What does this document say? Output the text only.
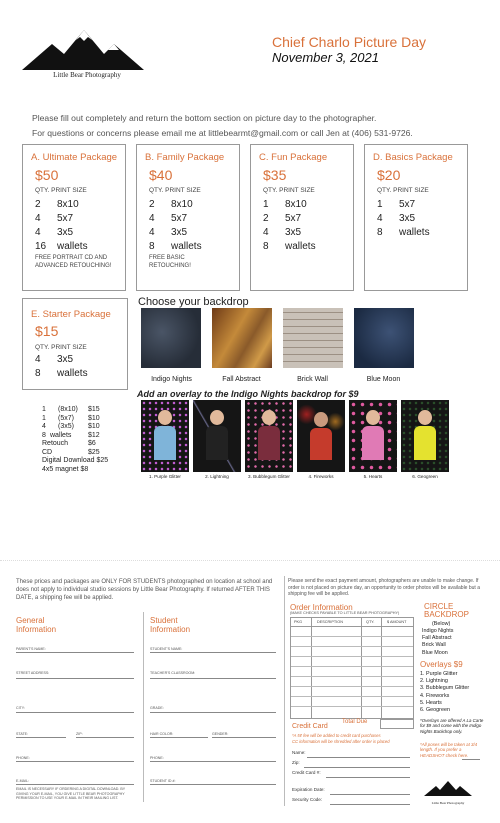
Little Bear Photography
Chief Charlo Picture Day
November 3, 2021
Please fill out completely and return the bottom section on picture day to the photographer.
For questions or concerns please email me at littlebearmt@gmail.com or call Jen at (406) 531-9726.
A. Ultimate Package
$50
QTY. PRINT SIZE
2 8x10
4 5x7
4 3x5
16 wallets
FREE PORTRAIT CD AND ADVANCED RETOUCHING!
B. Family Package
$40
QTY. PRINT SIZE
2 8x10
4 5x7
4 3x5
8 wallets
FREE BASIC RETOUCHING!
C. Fun Package
$35
QTY. PRINT SIZE
1 8x10
2 5x7
4 3x5
8 wallets
D. Basics Package
$20
QTY. PRINT SIZE
1 5x7
4 3x5
8 wallets
E. Starter Package
$15
QTY. PRINT SIZE
4 3x5
8 wallets
1 (8x10) $15
1 (5x7) $10
4 (3x5) $10
8 wallets $12
Retouch	$6
CD	$25
Digital Download $25
4x5 magnet $8
Choose your backdrop
Indigo Nights	Fall Abstract	Brick Wall	Blue Moon
Add an overlay to the Indigo Nights backdrop for $9
1. Purple Glitter	2. Lightning	3. Bubblegum Glitter	4. Fireworks	5. Hearts	6. Geogreen
These prices and packages are ONLY FOR STUDENTS photographed on location at school and does not apply to individual studio sessions by Little Bear Photography. If returned AFTER THIS DATE, a shipping fee will be applied.
General Information
Student Information
PARENT'S NAME:
STREET ADDRESS:
CITY:
STATE:	ZIP:
PHONE:
E-MAIL:
EMAIL IS NECESSARY IF ORDERING A DIGITAL DOWNLOAD. BY GIVING YOUR E-MAIL, YOU GIVE LITTLE BEAR PHOTOGRAPHY PERMISSION TO USE YOUR E-MAIL IN THEIR MAILING LIST.
STUDENT'S NAME:
TEACHER'S CLASSROOM:
GRADE:
HAIR COLOR:	GENDER:
PHONE:
STUDENT ID #:
Please send the exact payment amount, photographers are unable to make change. If order is not placed on picture day, an opportunity to order photos will be available but a shipping fee will be applied.
Order Information
(MAKE CHECKS PAYABLE TO LITTLE BEAR PHOTOGRAPHY)
PKG	DESCRIPTION	QTY.	$ AMOUNT
Total Due
Credit Card
*A 5¢ fee will be added to credit card purchases
CC information will be shredded after order is placed
Name:
Zip:
Credit Card #:
Expiration Date:
Security Code:
CIRCLE BACKDROP
(Below)
Indigo Nights
Fall Abstract
Brick Wall
Blue Moon
Overlays $9
1. Purple Glitter
2. Lightning
3. Bubblegum Glitter
4. Fireworks
5. Hearts
6. Geogreen
*Overlays are offered A La Carte for $9 and come with the Indigo Nights Backdrop only.
*All poses will be taken at 3/4 length. If you prefer a HEADSHOT check here.
Little Bear Photography
